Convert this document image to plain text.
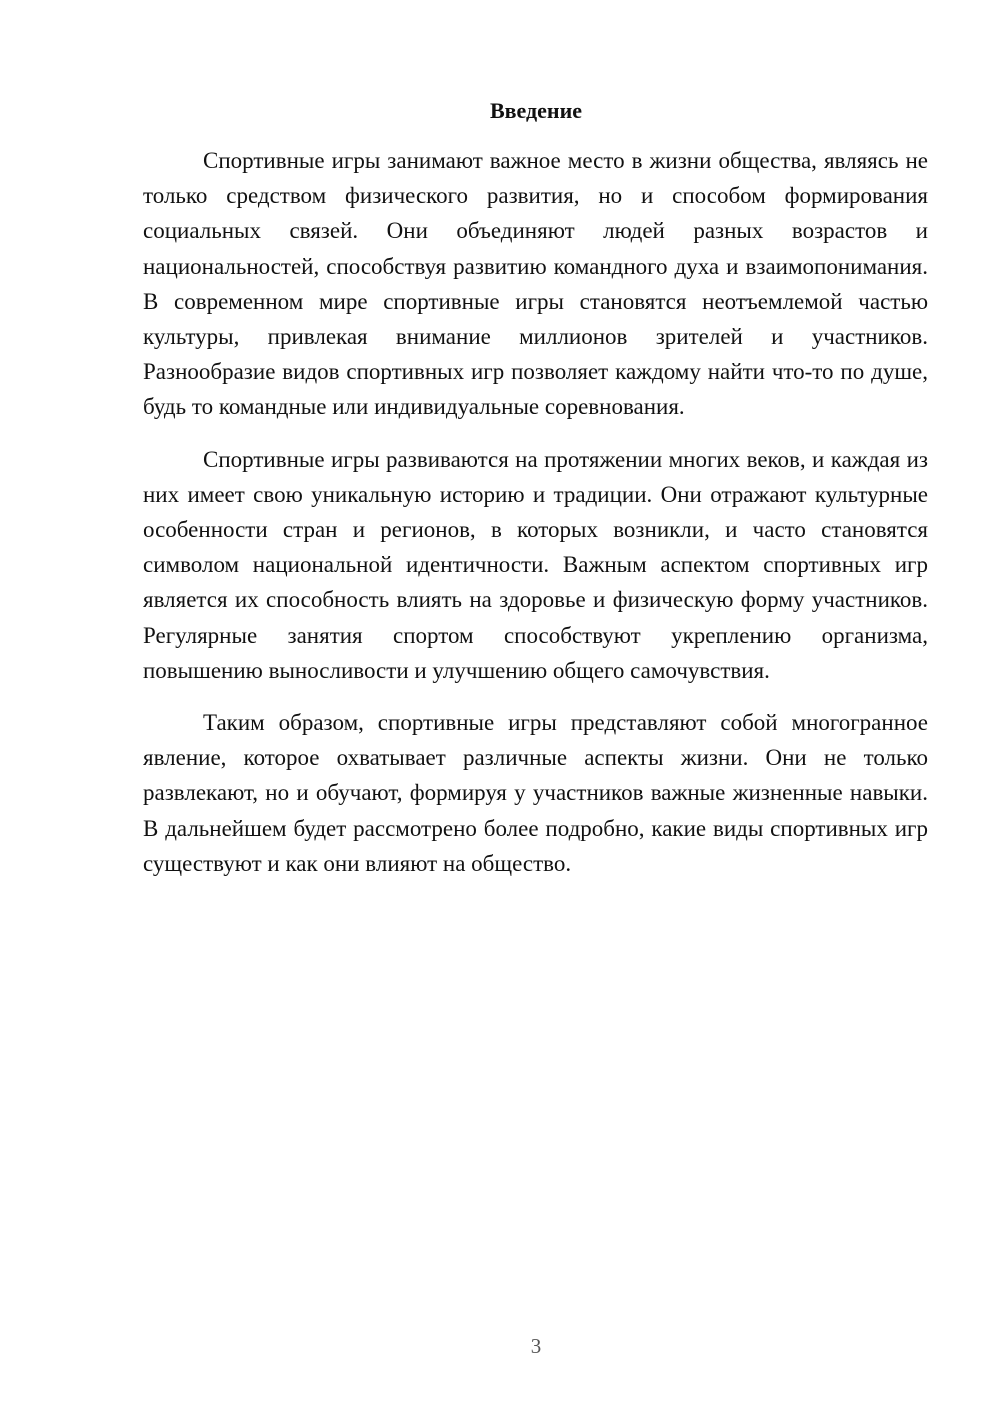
Введение

Спортивные игры занимают важное место в жизни общества, являясь не только средством физического развития, но и способом формирования социальных связей. Они объединяют людей разных возрастов и национальностей, способствуя развитию командного духа и взаимопонимания. В современном мире спортивные игры становятся неотъемлемой частью культуры, привлекая внимание миллионов зрителей и участников. Разнообразие видов спортивных игр позволяет каждому найти что-то по душе, будь то командные или индивидуальные соревнования.

Спортивные игры развиваются на протяжении многих веков, и каждая из них имеет свою уникальную историю и традиции. Они отражают культурные особенности стран и регионов, в которых возникли, и часто становятся символом национальной идентичности. Важным аспектом спортивных игр является их способность влиять на здоровье и физическую форму участников. Регулярные занятия спортом способствуют укреплению организма, повышению выносливости и улучшению общего самочувствия.

Таким образом, спортивные игры представляют собой многогранное явление, которое охватывает различные аспекты жизни. Они не только развлекают, но и обучают, формируя у участников важные жизненные навыки. В дальнейшем будет рассмотрено более подробно, какие виды спортивных игр существуют и как они влияют на общество.

3
